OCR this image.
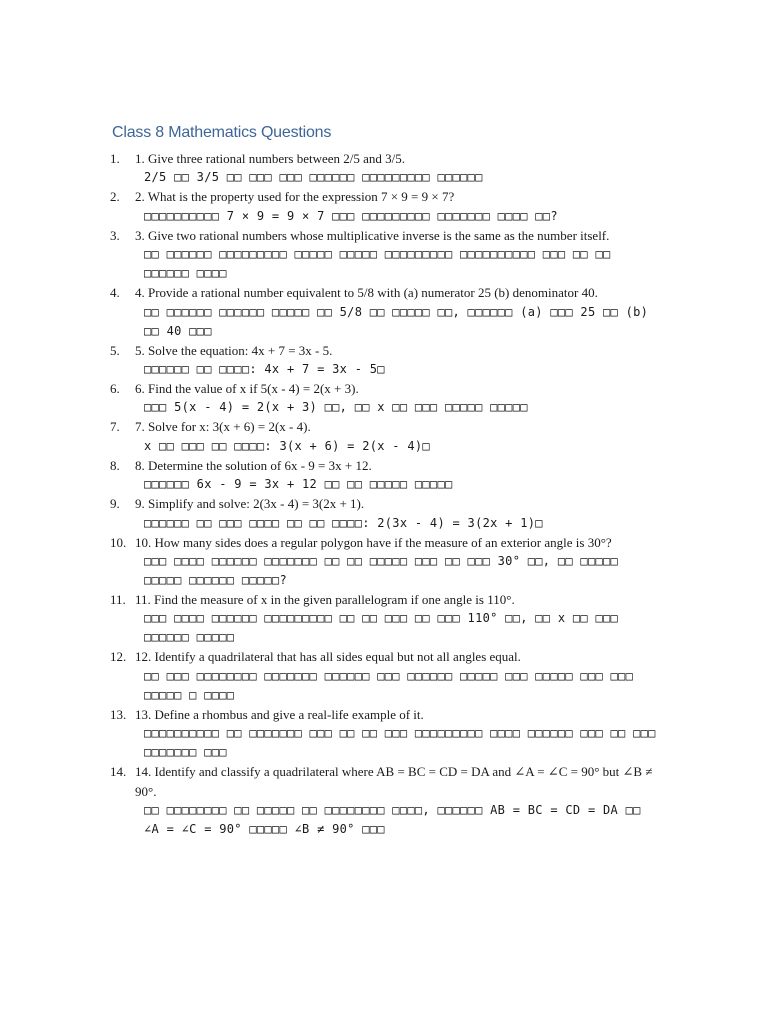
Class 8 Mathematics Questions
1.	1. Give three rational numbers between 2/5 and 3/5.
2/5 □□ 3/5 □□ □□□ □□□ □□□□□□ □□□□□□□□□ □□□□□□
2.	2. What is the property used for the expression 7 × 9 = 9 × 7?
□□□□□□□□□□ 7 × 9 = 9 × 7 □□□ □□□□□□□□□ □□□□□□□ □□□□ □□?
3.	3. Give two rational numbers whose multiplicative inverse is the same as the number itself.
□□ □□□□□□ □□□□□□□□□ □□□□□ □□□□□ □□□□□□□□□ □□□□□□□□□□ □□□ □□ □□ □□□□□□ □□□□
4.	4. Provide a rational number equivalent to 5/8 with (a) numerator 25 (b) denominator 40.
□□ □□□□□□ □□□□□□ □□□□□ □□ 5/8 □□ □□□□□ □□, □□□□□□ (a) □□□ 25 □□ (b) □□ 40 □□□
5.	5. Solve the equation: 4x + 7 = 3x - 5.
□□□□□□ □□ □□□□: 4x + 7 = 3x - 5□
6.	6. Find the value of x if 5(x - 4) = 2(x + 3).
□□□ 5(x - 4) = 2(x + 3) □□, □□ x □□ □□□ □□□□□ □□□□□
7.	7. Solve for x: 3(x + 6) = 2(x - 4).
x □□ □□□ □□ □□□□: 3(x + 6) = 2(x - 4)□
8.	8. Determine the solution of 6x - 9 = 3x + 12.
□□□□□□ 6x - 9 = 3x + 12 □□ □□ □□□□□ □□□□□
9.	9. Simplify and solve: 2(3x - 4) = 3(2x + 1).
□□□□□□ □□ □□□ □□□□ □□ □□ □□□□: 2(3x - 4) = 3(2x + 1)□
10. 10. How many sides does a regular polygon have if the measure of an exterior angle is 30°?
□□□ □□□□ □□□□□□ □□□□□□□ □□ □□ □□□□□ □□□ □□ □□□ 30° □□, □□ □□□□□ □□□□□ □□□□□□ □□□□□?
11. 11. Find the measure of x in the given parallelogram if one angle is 110°.
□□□ □□□□ □□□□□□ □□□□□□□□□ □□ □□ □□□ □□ □□□ 110° □□, □□ x □□ □□□ □□□□□□ □□□□□
12. 12. Identify a quadrilateral that has all sides equal but not all angles equal.
□□ □□□ □□□□□□□□ □□□□□□□ □□□□□□ □□□ □□□□□□ □□□□□ □□□ □□□□□ □□□ □□□ □□□□□ □ □□□□
13. 13. Define a rhombus and give a real-life example of it.
□□□□□□□□□□ □□ □□□□□□□ □□□ □□ □□ □□□ □□□□□□□□□ □□□□ □□□□□□ □□□ □□ □□□ □□□□□□□ □□□
14. 14. Identify and classify a quadrilateral where AB = BC = CD = DA and ∠A = ∠C = 90° but ∠B ≠ 90°.
□□ □□□□□□□□ □□ □□□□□ □□ □□□□□□□□ □□□□, □□□□□□ AB = BC = CD = DA □□ ∠A = ∠C = 90° □□□□□ ∠B ≠ 90° □□□
